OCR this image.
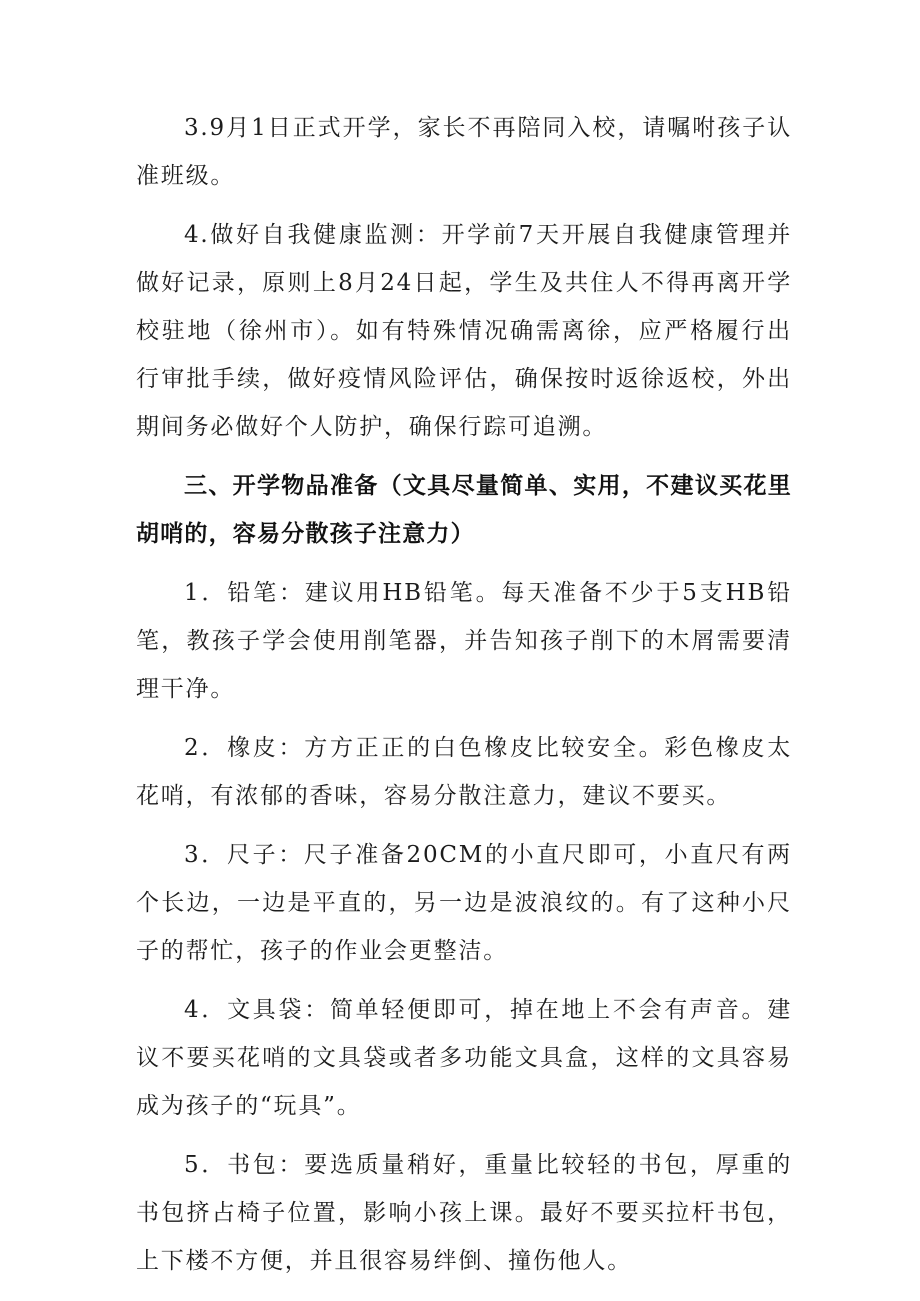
3.9月1日正式开学，家长不再陪同入校，请嘱咐孩子认准班级。

4.做好自我健康监测：开学前7天开展自我健康管理并做好记录，原则上8月24日起，学生及共住人不得再离开学校驻地（徐州市）。如有特殊情况确需离徐，应严格履行出行审批手续，做好疫情风险评估，确保按时返徐返校，外出期间务必做好个人防护，确保行踪可追溯。

三、开学物品准备（文具尽量简单、实用，不建议买花里胡哨的，容易分散孩子注意力）

1．铅笔：建议用HB铅笔。每天准备不少于5支HB铅笔，教孩子学会使用削笔器，并告知孩子削下的木屑需要清理干净。

2．橡皮：方方正正的白色橡皮比较安全。彩色橡皮太花哨，有浓郁的香味，容易分散注意力，建议不要买。

3．尺子：尺子准备20CM的小直尺即可，小直尺有两个长边，一边是平直的，另一边是波浪纹的。有了这种小尺子的帮忙，孩子的作业会更整洁。

4．文具袋：简单轻便即可，掉在地上不会有声音。建议不要买花哨的文具袋或者多功能文具盒，这样的文具容易成为孩子的“玩具”。

5．书包：要选质量稍好，重量比较轻的书包，厚重的书包挤占椅子位置，影响小孩上课。最好不要买拉杆书包，上下楼不方便，并且很容易绊倒、撞伤他人。
